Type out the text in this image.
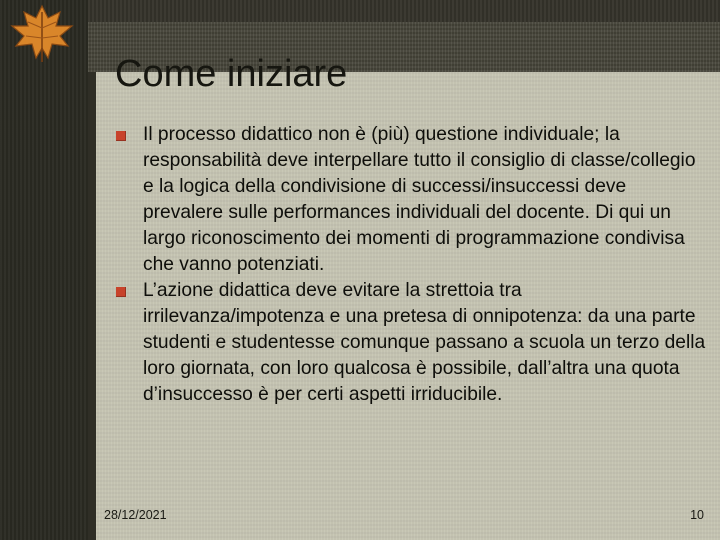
Come iniziare
Il processo didattico non è (più) questione individuale; la responsabilità deve interpellare tutto il consiglio di classe/collegio e la logica della condivisione di successi/insuccessi deve prevalere sulle performances individuali del docente. Di qui un largo riconoscimento dei momenti di programmazione condivisa che vanno potenziati.
L’azione didattica deve evitare la strettoia tra irrilevanza/impotenza e una pretesa di onnipotenza: da una parte studenti e studentesse comunque passano a scuola un terzo della loro giornata, con loro qualcosa è possibile, dall’altra una quota d’insuccesso è per certi aspetti irriducibile.
28/12/2021	10
